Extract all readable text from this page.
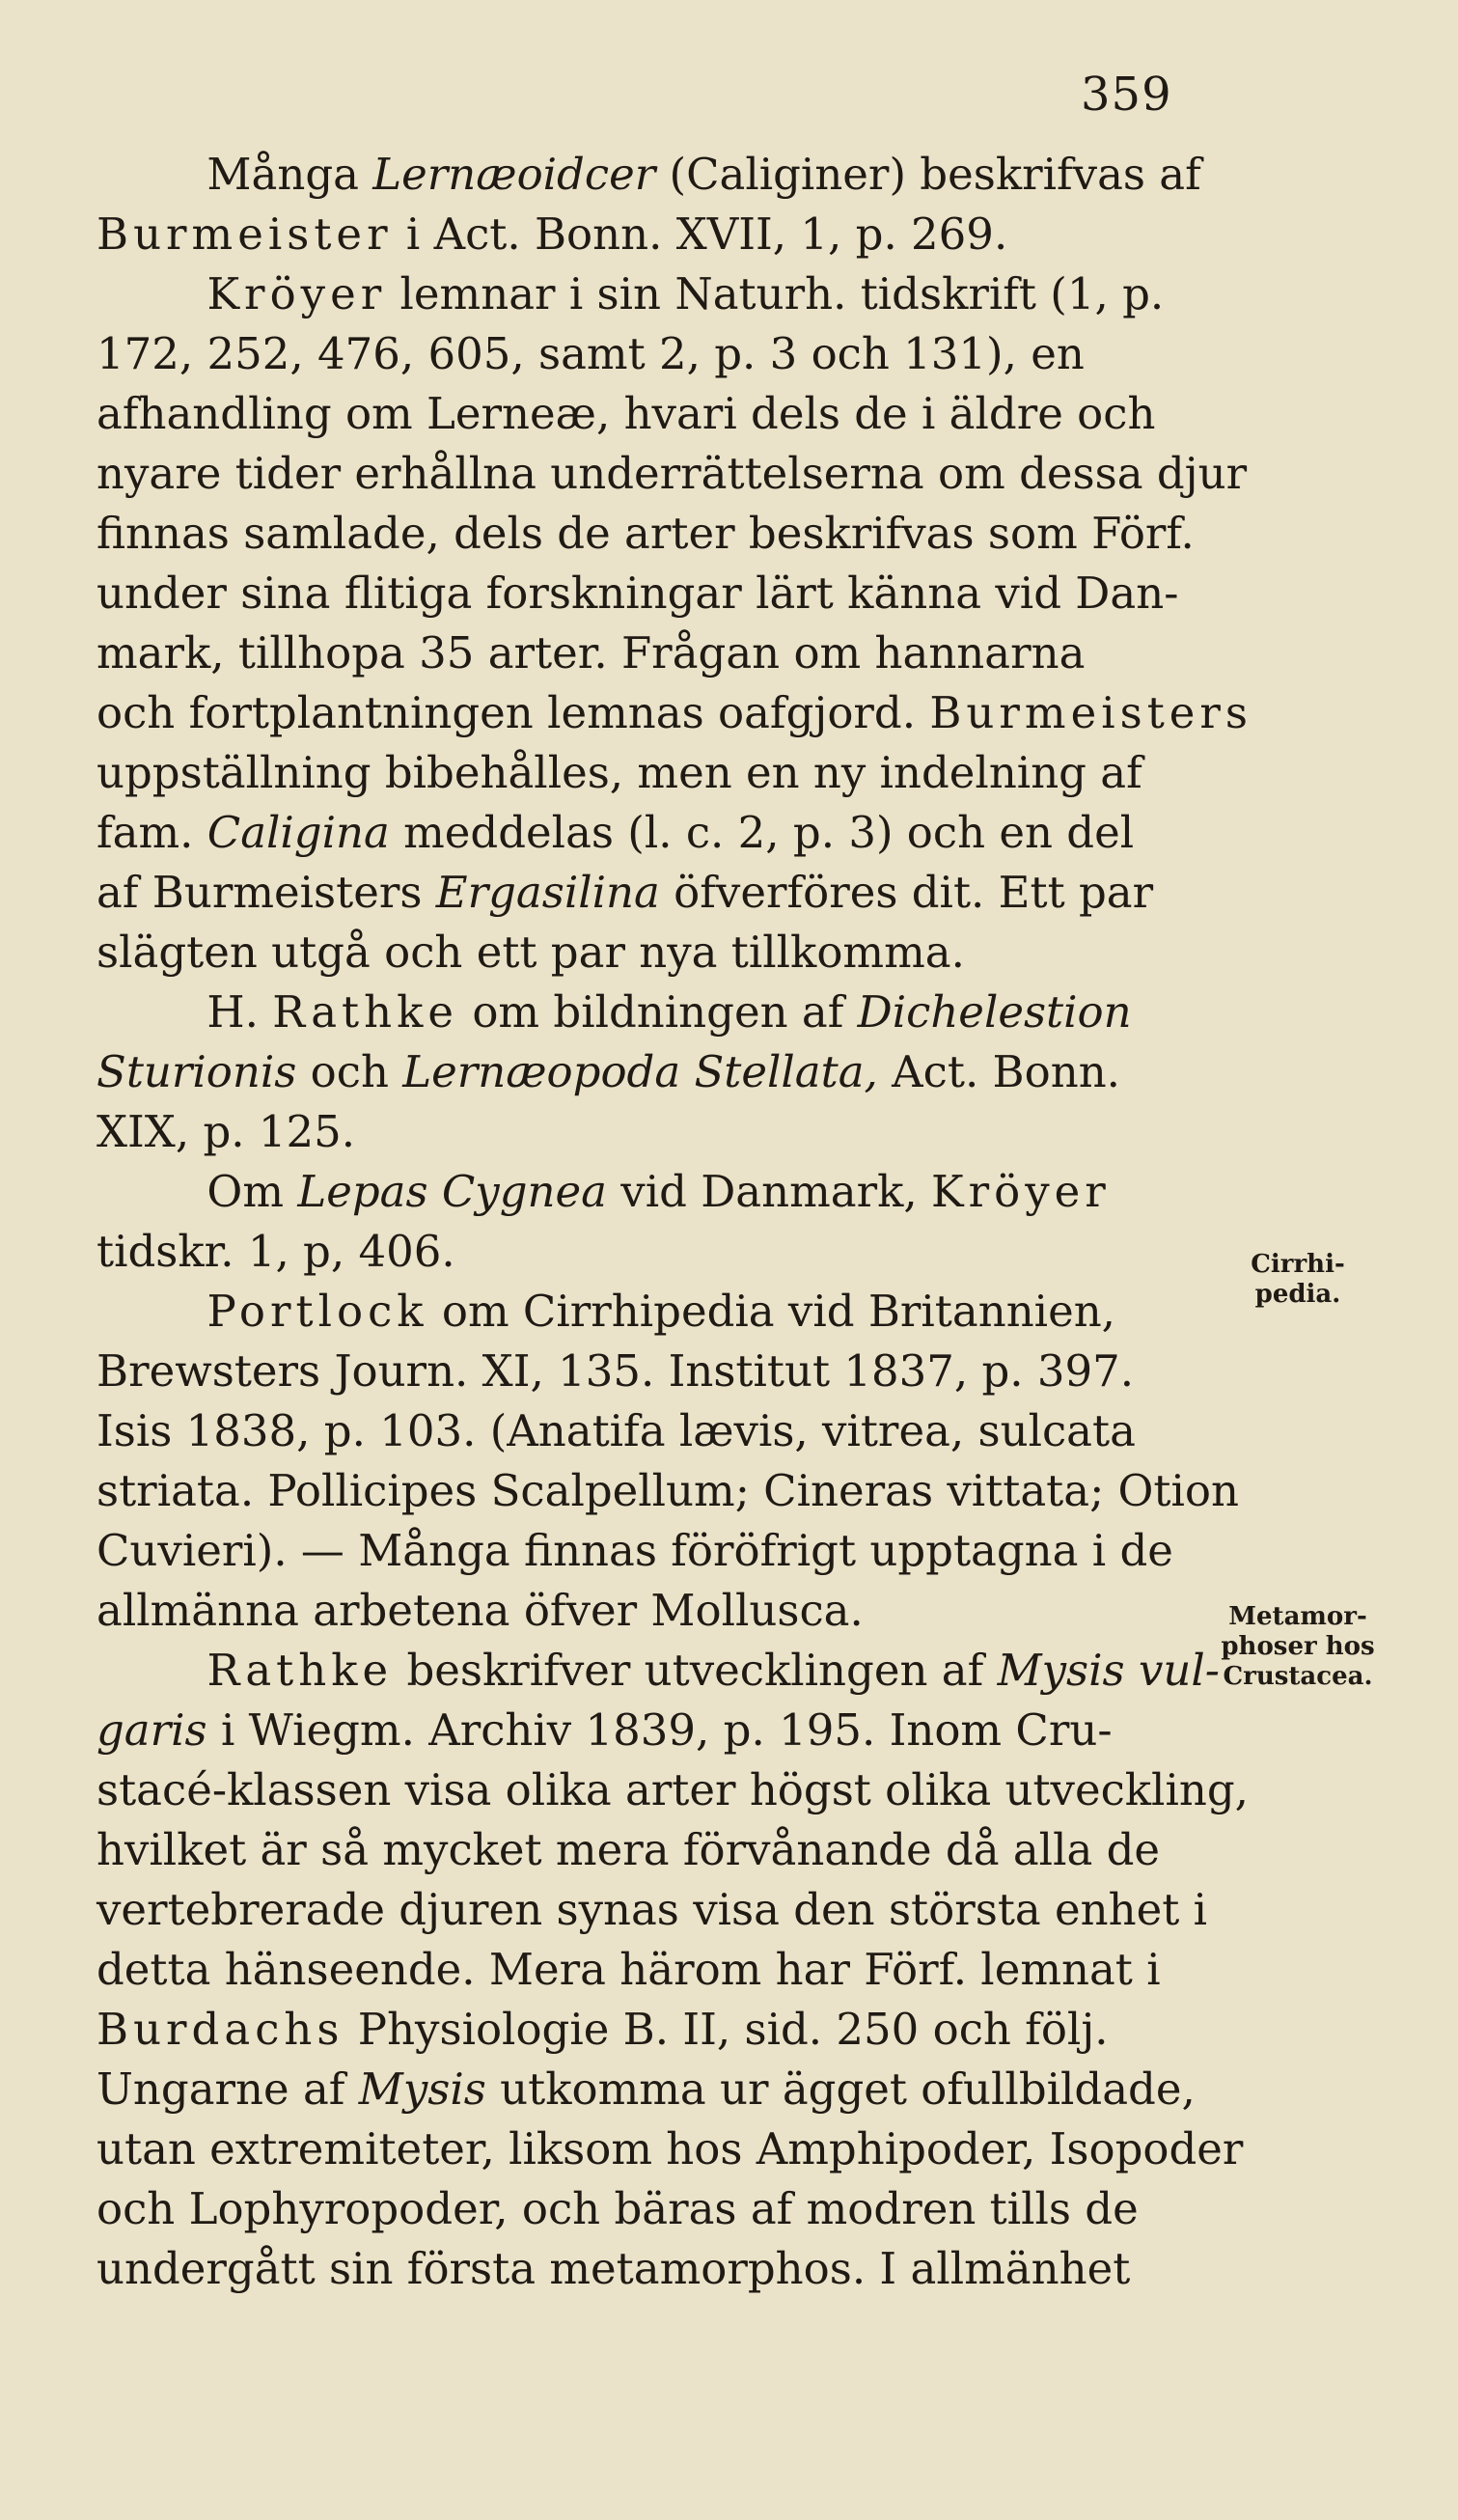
359
Många Lernæoidcer (Caliginer) beskrifvas af
Burmeister i Act. Bonn. XVII, 1, p. 269.
Kröyer lemnar i sin Naturh. tidskrift (1, p.
172, 252, 476, 605, samt 2, p. 3 och 131), en
afhandling om Lerneæ, hvari dels de i äldre och
nyare tider erhållna underrättelserna om dessa djur
finnas samlade, dels de arter beskrifvas som Förf.
under sina flitiga forskningar lärt känna vid Dan-
mark, tillhopa 35 arter. Frågan om hannarna
och fortplantningen lemnas oafgjord. Burmeisters
uppställning bibehålles, men en ny indelning af
fam. Caligina meddelas (l. c. 2, p. 3) och en del
af Burmeisters Ergasilina öfverföres dit. Ett par
slägten utgå och ett par nya tillkomma.
H. Rathke om bildningen af Dichelestion
Sturionis och Lernæopoda Stellata, Act. Bonn.
XIX, p. 125.
Om Lepas Cygnea vid Danmark, Kröyer
tidskr. 1, p, 406.
Portlock om Cirrhipedia vid Britannien,
Brewsters Journ. XI, 135. Institut 1837, p. 397.
Isis 1838, p. 103. (Anatifa lævis, vitrea, sulcata
striata. Pollicipes Scalpellum; Cineras vittata; Otion
Cuvieri). — Många finnas föröfrigt upptagna i de
allmänna arbetena öfver Mollusca.
Rathke beskrifver utvecklingen af Mysis vul-
garis i Wiegm. Archiv 1839, p. 195. Inom Cru-
stacé-klassen visa olika arter högst olika utveckling,
hvilket är så mycket mera förvånande då alla de
vertebrerade djuren synas visa den största enhet i
detta hänseende. Mera härom har Förf. lemnat i
Burdachs Physiologie B. II, sid. 250 och följ.
Ungarne af Mysis utkomma ur ägget ofullbildade,
utan extremiteter, liksom hos Amphipoder, Isopoder
och Lophyropoder, och bäras af modren tills de
undergått sin första metamorphos. I allmänhet
Cirrhi-
pedia.
Metamor-
phoser hos
Crustacea.
